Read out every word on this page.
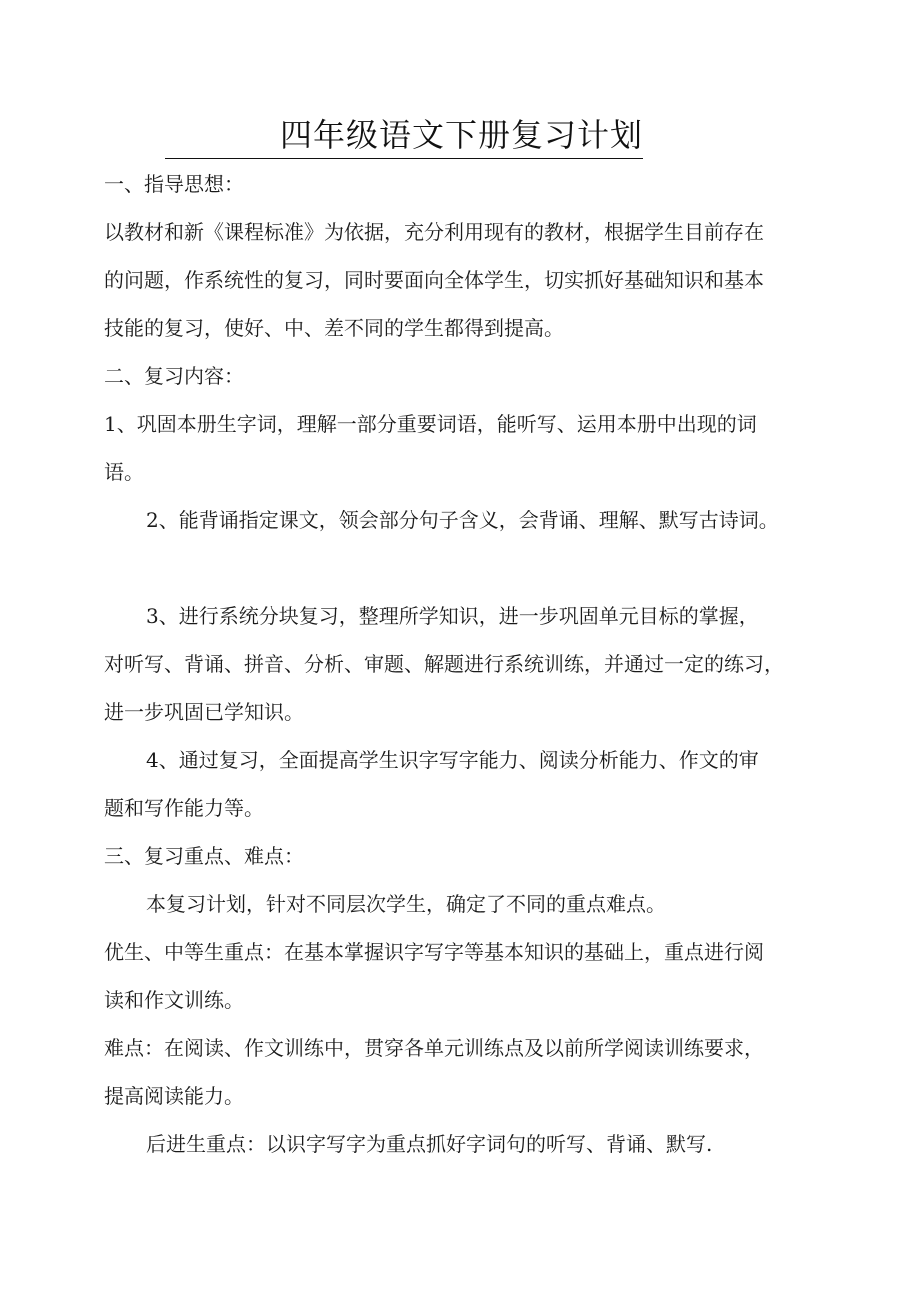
四年级语文下册复习计划
一、指导思想：
以教材和新《课程标准》为依据，充分利用现有的教材，根据学生目前存在
的问题，作系统性的复习，同时要面向全体学生，切实抓好基础知识和基本
技能的复习，使好、中、差不同的学生都得到提高。
二、复习内容：
1、巩固本册生字词，理解一部分重要词语，能听写、运用本册中出现的词
语。
2、能背诵指定课文，领会部分句子含义，会背诵、理解、默写古诗词。
3、进行系统分块复习，整理所学知识，进一步巩固单元目标的掌握，
对听写、背诵、拼音、分析、审题、解题进行系统训练，并通过一定的练习，
进一步巩固已学知识。
4、通过复习，全面提高学生识字写字能力、阅读分析能力、作文的审
题和写作能力等。
三、复习重点、难点：
本复习计划，针对不同层次学生，确定了不同的重点难点。
优生、中等生重点：在基本掌握识字写字等基本知识的基础上，重点进行阅
读和作文训练。
难点：在阅读、作文训练中，贯穿各单元训练点及以前所学阅读训练要求，
提高阅读能力。
后进生重点：以识字写字为重点抓好字词句的听写、背诵、默写.
